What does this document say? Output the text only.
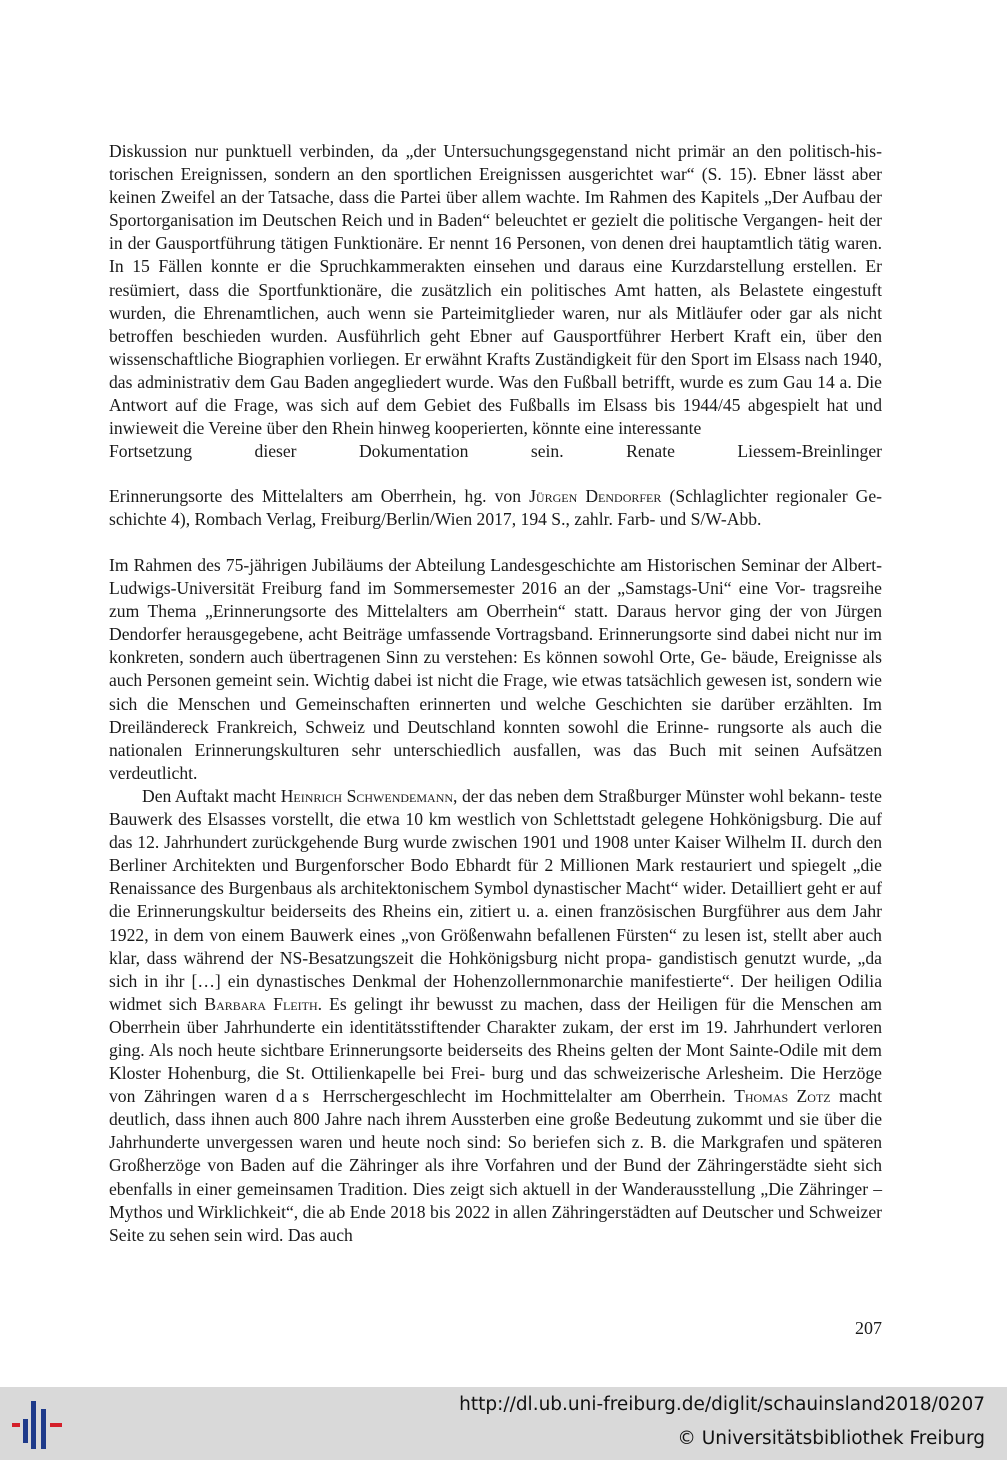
Diskussion nur punktuell verbinden, da „der Untersuchungsgegenstand nicht primär an den politisch-his- torischen Ereignissen, sondern an den sportlichen Ereignissen ausgerichtet war“ (S. 15). Ebner lässt aber keinen Zweifel an der Tatsache, dass die Partei über allem wachte. Im Rahmen des Kapitels „Der Aufbau der Sportorganisation im Deutschen Reich und in Baden“ beleuchtet er gezielt die politische Vergangen- heit der in der Gausportführung tätigen Funktionäre. Er nennt 16 Personen, von denen drei hauptamtlich tätig waren. In 15 Fällen konnte er die Spruchkammerakten einsehen und daraus eine Kurzdarstellung erstellen. Er resümiert, dass die Sportfunktionäre, die zusätzlich ein politisches Amt hatten, als Belastete eingestuft wurden, die Ehrenamtlichen, auch wenn sie Parteimitglieder waren, nur als Mitläufer oder gar als nicht betroffen beschieden wurden. Ausführlich geht Ebner auf Gausportführer Herbert Kraft ein, über den wissenschaftliche Biographien vorliegen. Er erwähnt Krafts Zuständigkeit für den Sport im Elsass nach 1940, das administrativ dem Gau Baden angegliedert wurde. Was den Fußball betrifft, wurde es zum Gau 14 a. Die Antwort auf die Frage, was sich auf dem Gebiet des Fußballs im Elsass bis 1944/45 abgespielt hat und inwieweit die Vereine über den Rhein hinweg kooperierten, könnte eine interessante

Fortsetzung dieser Dokumentation sein.	Renate Liessem-Breinlinger

Erinnerungsorte des Mittelalters am Oberrhein, hg. von Jürgen Dendorfer (Schlaglichter regionaler Ge- schichte 4), Rombach Verlag, Freiburg/Berlin/Wien 2017, 194 S., zahlr. Farb- und S/W-Abb.

Im Rahmen des 75-jährigen Jubiläums der Abteilung Landesgeschichte am Historischen Seminar der Albert-Ludwigs-Universität Freiburg fand im Sommersemester 2016 an der „Samstags-Uni“ eine Vor- tragsreihe zum Thema „Erinnerungsorte des Mittelalters am Oberrhein“ statt. Daraus hervor ging der von Jürgen Dendorfer herausgegebene, acht Beiträge umfassende Vortragsband. Erinnerungsorte sind dabei nicht nur im konkreten, sondern auch übertragenen Sinn zu verstehen: Es können sowohl Orte, Ge- bäude, Ereignisse als auch Personen gemeint sein. Wichtig dabei ist nicht die Frage, wie etwas tatsächlich gewesen ist, sondern wie sich die Menschen und Gemeinschaften erinnerten und welche Geschichten sie darüber erzählten. Im Dreiländereck Frankreich, Schweiz und Deutschland konnten sowohl die Erinne- rungsorte als auch die nationalen Erinnerungskulturen sehr unterschiedlich ausfallen, was das Buch mit seinen Aufsätzen verdeutlicht.

Den Auftakt macht Heinrich Schwendemann, der das neben dem Straßburger Münster wohl bekann- teste Bauwerk des Elsasses vorstellt, die etwa 10 km westlich von Schlettstadt gelegene Hohkönigsburg. Die auf das 12. Jahrhundert zurückgehende Burg wurde zwischen 1901 und 1908 unter Kaiser Wilhelm II. durch den Berliner Architekten und Burgenforscher Bodo Ebhardt für 2 Millionen Mark restauriert und spiegelt „die Renaissance des Burgenbaus als architektonischem Symbol dynastischer Macht“ wider. Detailliert geht er auf die Erinnerungskultur beiderseits des Rheins ein, zitiert u. a. einen französischen Burgführer aus dem Jahr 1922, in dem von einem Bauwerk eines „von Größenwahn befallenen Fürsten“ zu lesen ist, stellt aber auch klar, dass während der NS-Besatzungszeit die Hohkönigsburg nicht propa- gandistisch genutzt wurde, „da sich in ihr […] ein dynastisches Denkmal der Hohenzollernmonarchie manifestierte“. Der heiligen Odilia widmet sich Barbara Fleith. Es gelingt ihr bewusst zu machen, dass der Heiligen für die Menschen am Oberrhein über Jahrhunderte ein identitätsstiftender Charakter zukam, der erst im 19. Jahrhundert verloren ging. Als noch heute sichtbare Erinnerungsorte beiderseits des Rheins gelten der Mont Sainte-Odile mit dem Kloster Hohenburg, die St. Ottilienkapelle bei Frei- burg und das schweizerische Arlesheim. Die Herzöge von Zähringen waren das Herrschergeschlecht im Hochmittelalter am Oberrhein. Thomas Zotz macht deutlich, dass ihnen auch 800 Jahre nach ihrem Aussterben eine große Bedeutung zukommt und sie über die Jahrhunderte unvergessen waren und heute noch sind: So beriefen sich z. B. die Markgrafen und späteren Großherzöge von Baden auf die Zähringer als ihre Vorfahren und der Bund der Zähringerstädte sieht sich ebenfalls in einer gemeinsamen Tradition. Dies zeigt sich aktuell in der Wanderausstellung „Die Zähringer – Mythos und Wirklichkeit“, die ab Ende 2018 bis 2022 in allen Zähringerstädten auf Deutscher und Schweizer Seite zu sehen sein wird. Das auch

207
http://dl.ub.uni-freiburg.de/diglit/schauinsland2018/0207
© Universitätsbibliothek Freiburg
